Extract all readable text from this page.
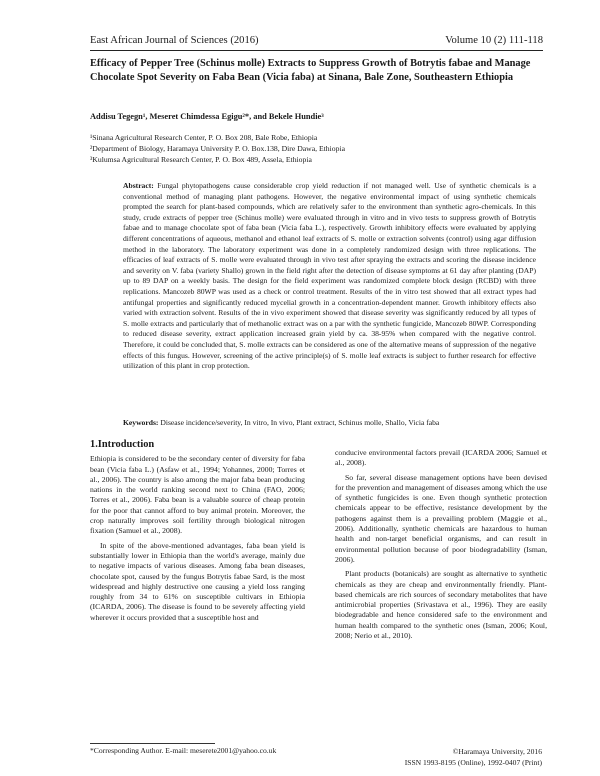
East African Journal of Sciences (2016)	Volume 10 (2) 111-118
Efficacy of Pepper Tree (Schinus molle) Extracts to Suppress Growth of Botrytis fabae and Manage Chocolate Spot Severity on Faba Bean (Vicia faba) at Sinana, Bale Zone, Southeastern Ethiopia
Addisu Tegegn¹, Meseret Chimdessa Egigu²*, and Bekele Hundie³
¹Sinana Agricultural Research Center, P. O. Box 208, Bale Robe, Ethiopia
²Department of Biology, Haramaya University P. O. Box.138, Dire Dawa, Ethiopia
³Kulumsa Agricultural Research Center, P. O. Box 489, Assela, Ethiopia

Abstract: Fungal phytopathogens cause considerable crop yield reduction if not managed well. Use of synthetic chemicals is a conventional method of managing plant pathogens. However, the negative environmental impact of using synthetic chemicals prompted the search for plant-based compounds, which are relatively safer to the environment than synthetic agro-chemicals. In this study, crude extracts of pepper tree (Schinus molle) were evaluated through in vitro and in vivo tests to suppress growth of Botrytis fabae and to manage chocolate spot of faba bean (Vicia faba L.), respectively. Growth inhibitory effects were evaluated by applying different concentrations of aqueous, methanol and ethanol leaf extracts of S. molle or extraction solvents (control) using agar diffusion method in the laboratory. The laboratory experiment was done in a completely randomized design with three replications. The efficacies of leaf extracts of S. molle were evaluated through in vivo test after spraying the extracts and scoring the disease incidence and severity on V. faba (variety Shallo) grown in the field right after the detection of disease symptoms at 61 day after planting (DAP) up to 89 DAP on a weekly basis. The design for the field experiment was randomized complete block design (RCBD) with three replications. Mancozeb 80WP was used as a check or control treatment. Results of the in vitro test showed that all extract types had antifungal properties and significantly reduced mycelial growth in a concentration-dependent manner. Growth inhibitory effects also varied with extraction solvent. Results of the in vivo experiment showed that disease severity was significantly reduced by all types of S. molle extracts and particularly that of methanolic extract was on a par with the synthetic fungicide, Mancozeb 80WP. Corresponding to reduced disease severity, extract application increased grain yield by ca. 38-95% when compared with the negative control. Therefore, it could be concluded that, S. molle extracts can be considered as one of the alternative means of suppression of the negative effects of this fungus. However, screening of the active principle(s) of S. molle leaf extracts is subject to further research for effective utilization of this plant in crop protection.

Keywords: Disease incidence/severity, In vitro, In vivo, Plant extract, Schinus molle, Shallo, Vicia faba

1.Introduction

Ethiopia is considered to be the secondary center of diversity for faba bean (Vicia faba L.) (Asfaw et al., 1994; Yohannes, 2000; Torres et al., 2006). The country is also among the major faba bean producing nations in the world ranking second next to China (FAO, 2006; Torres et al., 2006). Faba bean is a valuable source of cheap protein for the poor that cannot afford to buy animal protein. Moreover, the crop naturally improves soil fertility through biological nitrogen fixation (Samuel et al., 2008).

In spite of the above-mentioned advantages, faba bean yield is substantially lower in Ethiopia than the world's average, mainly due to negative impacts of various diseases. Among faba bean diseases, chocolate spot, caused by the fungus Botrytis fabae Sard, is the most widespread and highly destructive one causing a yield loss ranging roughly from 34 to 61% on susceptible cultivars in Ethiopia (ICARDA, 2006). The disease is found to be severely affecting yield wherever it occurs provided that a susceptible host and

conducive environmental factors prevail (ICARDA 2006; Samuel et al., 2008).

So far, several disease management options have been devised for the prevention and management of diseases among which the use of synthetic fungicides is one. Even though synthetic protection chemicals appear to be effective, resistance development by the pathogens against them is a prevailing problem (Maggie et al., 2006). Additionally, synthetic chemicals are hazardous to human health and non-target beneficial organisms, and can result in environmental pollution because of poor biodegradability (Isman, 2006).

Plant products (botanicals) are sought as alternative to synthetic chemicals as they are cheap and environmentally friendly. Plant-based chemicals are rich sources of secondary metabolites that have antimicrobial properties (Srivastava et al., 1996). They are easily biodegradable and hence considered safe to the environment and human health compared to the synthetic ones (Isman, 2006; Koul, 2008; Nerio et al., 2010).

*Corresponding Author. E-mail: meserete2001@yahoo.co.uk	©Haramaya University, 2016
ISSN 1993-8195 (Online), 1992-0407 (Print)
